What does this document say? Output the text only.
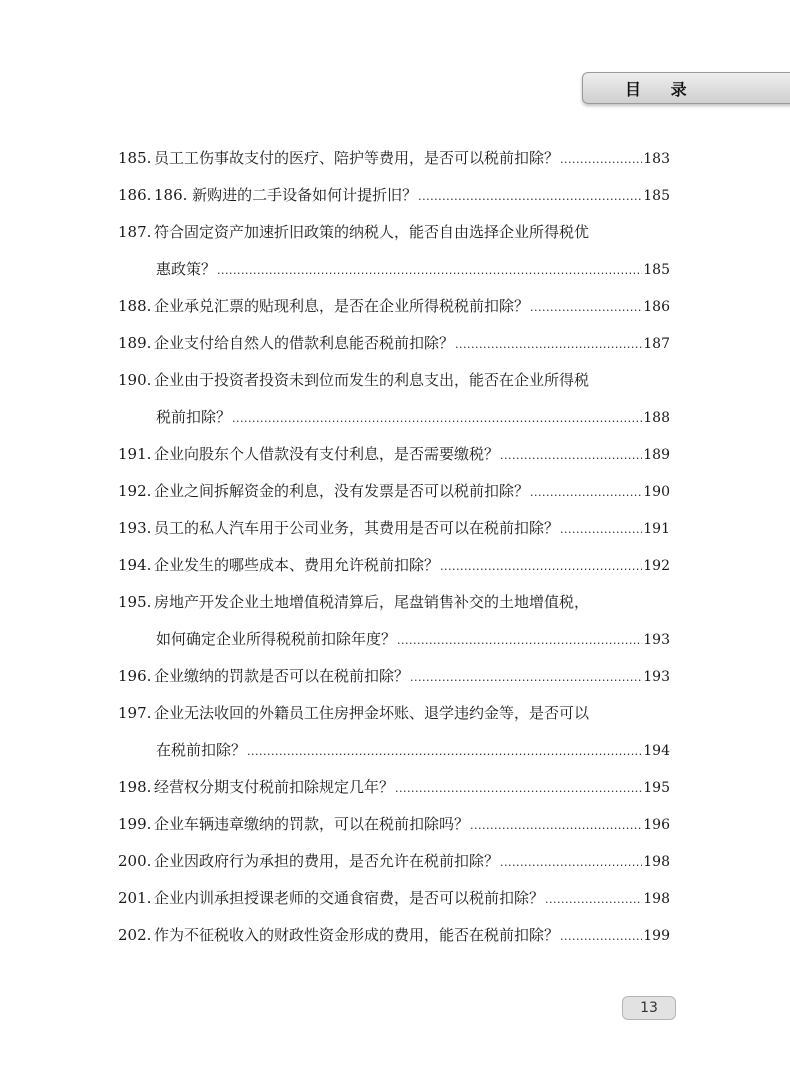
目 录
185. 员工工伤事故支付的医疗、陪护等费用，是否可以税前扣除？ .....	183
186. 186. 新购进的二手设备如何计提折旧？ .....	185
187. 符合固定资产加速折旧政策的纳税人，能否自由选择企业所得税优
惠政策？ .....	185
188. 企业承兑汇票的贴现利息，是否在企业所得税税前扣除？ .....	186
189. 企业支付给自然人的借款利息能否税前扣除？ .....	187
190. 企业由于投资者投资未到位而发生的利息支出，能否在企业所得税
税前扣除？ .....	188
191. 企业向股东个人借款没有支付利息，是否需要缴税？ .....	189
192. 企业之间拆解资金的利息，没有发票是否可以税前扣除？ .....	190
193. 员工的私人汽车用于公司业务，其费用是否可以在税前扣除？ .....	191
194. 企业发生的哪些成本、费用允许税前扣除？ .....	192
195. 房地产开发企业土地增值税清算后，尾盘销售补交的土地增值税，
如何确定企业所得税税前扣除年度？ .....	193
196. 企业缴纳的罚款是否可以在税前扣除？ .....	193
197. 企业无法收回的外籍员工住房押金坏账、退学违约金等，是否可以
在税前扣除？ .....	194
198. 经营权分期支付税前扣除规定几年？ .....	195
199. 企业车辆违章缴纳的罚款，可以在税前扣除吗？ .....	196
200. 企业因政府行为承担的费用，是否允许在税前扣除？ .....	198
201. 企业内训承担授课老师的交通食宿费，是否可以税前扣除？ .....	198
202. 作为不征税收入的财政性资金形成的费用，能否在税前扣除？ .....	199
13
